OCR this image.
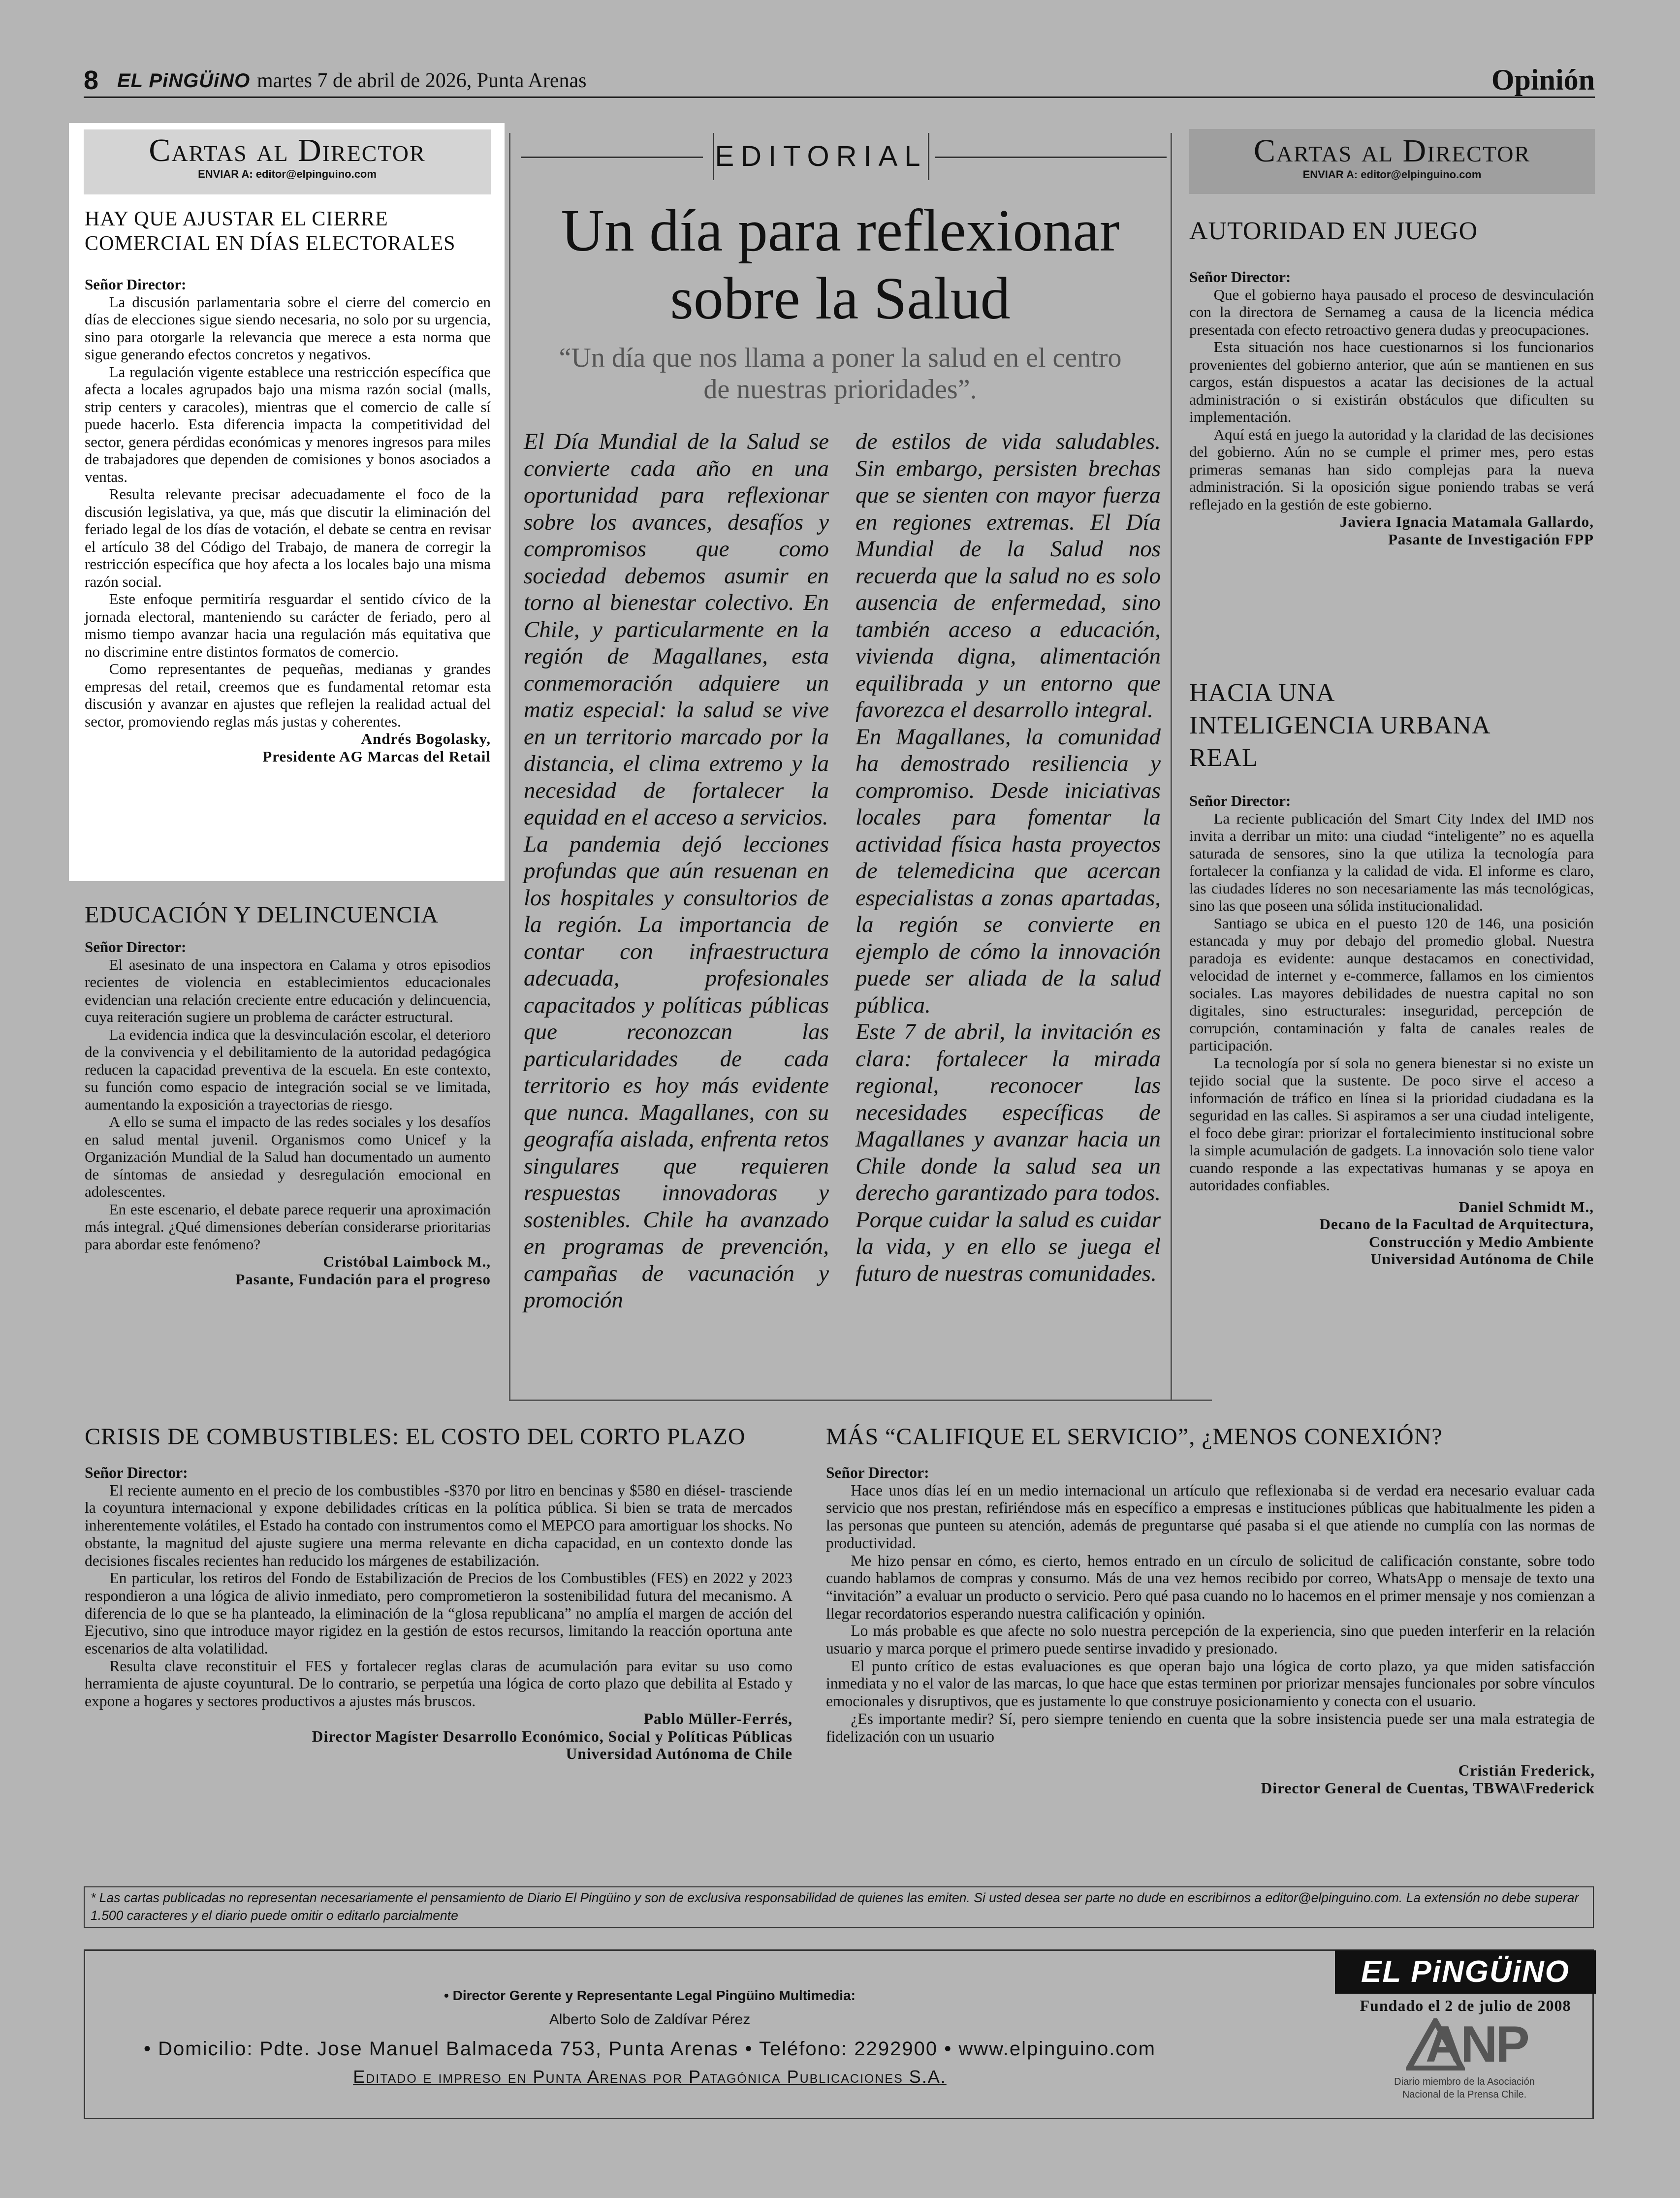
8 EL PiNGÜiNO martes 7 de abril de 2026, Punta Arenas	Opinión
Cartas al Director
ENVIAR A: editor@elpinguino.com
HAY QUE AJUSTAR EL CIERRE COMERCIAL EN DÍAS ELECTORALES

Señor Director:

La discusión parlamentaria sobre el cierre del comercio en días de elecciones sigue siendo necesaria, no solo por su urgencia, sino para otorgarle la relevancia que merece a esta norma que sigue generando efectos concretos y negativos.

La regulación vigente establece una restricción específica que afecta a locales agrupados bajo una misma razón social (malls, strip centers y caracoles), mientras que el comercio de calle sí puede hacerlo. Esta diferencia impacta la competitividad del sector, genera pérdidas económicas y menores ingresos para miles de trabajadores que dependen de comisiones y bonos asociados a ventas.

Resulta relevante precisar adecuadamente el foco de la discusión legislativa, ya que, más que discutir la eliminación del feriado legal de los días de votación, el debate se centra en revisar el artículo 38 del Código del Trabajo, de manera de corregir la restricción específica que hoy afecta a los locales bajo una misma razón social.

Este enfoque permitiría resguardar el sentido cívico de la jornada electoral, manteniendo su carácter de feriado, pero al mismo tiempo avanzar hacia una regulación más equitativa que no discrimine entre distintos formatos de comercio.

Como representantes de pequeñas, medianas y grandes empresas del retail, creemos que es fundamental retomar esta discusión y avanzar en ajustes que reflejen la realidad actual del sector, promoviendo reglas más justas y coherentes.

Andrés Bogolasky,

Presidente AG Marcas del Retail

EDUCACIÓN Y DELINCUENCIA

Señor Director:

El asesinato de una inspectora en Calama y otros episodios recientes de violencia en establecimientos educacionales evidencian una relación creciente entre educación y delincuencia, cuya reiteración sugiere un problema de carácter estructural.

La evidencia indica que la desvinculación escolar, el deterioro de la convivencia y el debilitamiento de la autoridad pedagógica reducen la capacidad preventiva de la escuela. En este contexto, su función como espacio de integración social se ve limitada, aumentando la exposición a trayectorias de riesgo.

A ello se suma el impacto de las redes sociales y los desafíos en salud mental juvenil. Organismos como Unicef y la Organización Mundial de la Salud han documentado un aumento de síntomas de ansiedad y desregulación emocional en adolescentes.

En este escenario, el debate parece requerir una aproximación más integral. ¿Qué dimensiones deberían considerarse prioritarias para abordar este fenómeno?

Cristóbal Laimbock M.,

Pasante, Fundación para el progreso

EDITORIAL
Un día para reflexionar sobre la Salud
“Un día que nos llama a poner la salud en el centro de nuestras prioridades”.

El Día Mundial de la Salud se convierte cada año en una oportunidad para reflexionar sobre los avances, desafíos y compromisos que como sociedad debemos asumir en torno al bienestar colectivo. En Chile, y particularmente en la región de Magallanes, esta conmemoración adquiere un matiz especial: la salud se vive en un territorio marcado por la distancia, el clima extremo y la necesidad de fortalecer la equidad en el acceso a servicios.

La pandemia dejó lecciones profundas que aún resuenan en los hospitales y consultorios de la región. La importancia de contar con infraestructura adecuada, profesionales capacitados y políticas públicas que reconozcan las particularidades de cada territorio es hoy más evidente que nunca. Magallanes, con su geografía aislada, enfrenta retos singulares que requieren respuestas innovadoras y sostenibles. Chile ha avanzado en programas de prevención, campañas de vacunación y promoción

de estilos de vida saludables. Sin embargo, persisten brechas que se sienten con mayor fuerza en regiones extremas. El Día Mundial de la Salud nos recuerda que la salud no es solo ausencia de enfermedad, sino también acceso a educación, vivienda digna, alimentación equilibrada y un entorno que favorezca el desarrollo integral.

En Magallanes, la comunidad ha demostrado resiliencia y compromiso. Desde iniciativas locales para fomentar la actividad física hasta proyectos de telemedicina que acercan especialistas a zonas apartadas, la región se convierte en ejemplo de cómo la innovación puede ser aliada de la salud pública.

Este 7 de abril, la invitación es clara: fortalecer la mirada regional, reconocer las necesidades específicas de Magallanes y avanzar hacia un Chile donde la salud sea un derecho garantizado para todos. Porque cuidar la salud es cuidar la vida, y en ello se juega el futuro de nuestras comunidades.

Cartas al Director
ENVIAR A: editor@elpinguino.com
AUTORIDAD EN JUEGO

Señor Director:

Que el gobierno haya pausado el proceso de desvinculación con la directora de Sernameg a causa de la licencia médica presentada con efecto retroactivo genera dudas y preocupaciones.

Esta situación nos hace cuestionarnos si los funcionarios provenientes del gobierno anterior, que aún se mantienen en sus cargos, están dispuestos a acatar las decisiones de la actual administración o si existirán obstáculos que dificulten su implementación.

Aquí está en juego la autoridad y la claridad de las decisiones del gobierno. Aún no se cumple el primer mes, pero estas primeras semanas han sido complejas para la nueva administración. Si la oposición sigue poniendo trabas se verá reflejado en la gestión de este gobierno.

Javiera Ignacia Matamala Gallardo,

Pasante de Investigación FPP

HACIA UNA INTELIGENCIA URBANA REAL

Señor Director:

La reciente publicación del Smart City Index del IMD nos invita a derribar un mito: una ciudad “inteligente” no es aquella saturada de sensores, sino la que utiliza la tecnología para fortalecer la confianza y la calidad de vida. El informe es claro, las ciudades líderes no son necesariamente las más tecnológicas, sino las que poseen una sólida institucionalidad.

Santiago se ubica en el puesto 120 de 146, una posición estancada y muy por debajo del promedio global. Nuestra paradoja es evidente: aunque destacamos en conectividad, velocidad de internet y e-commerce, fallamos en los cimientos sociales. Las mayores debilidades de nuestra capital no son digitales, sino estructurales: inseguridad, percepción de corrupción, contaminación y falta de canales reales de participación.

La tecnología por sí sola no genera bienestar si no existe un tejido social que la sustente. De poco sirve el acceso a información de tráfico en línea si la prioridad ciudadana es la seguridad en las calles. Si aspiramos a ser una ciudad inteligente, el foco debe girar: priorizar el fortalecimiento institucional sobre la simple acumulación de gadgets. La innovación solo tiene valor cuando responde a las expectativas humanas y se apoya en autoridades confiables.

Daniel Schmidt M.,

Decano de la Facultad de Arquitectura,

Construcción y Medio Ambiente

Universidad Autónoma de Chile

CRISIS DE COMBUSTIBLES: EL COSTO DEL CORTO PLAZO

Señor Director:

El reciente aumento en el precio de los combustibles -$370 por litro en bencinas y $580 en diésel- trasciende la coyuntura internacional y expone debilidades críticas en la política pública. Si bien se trata de mercados inherentemente volátiles, el Estado ha contado con instrumentos como el MEPCO para amortiguar los shocks. No obstante, la magnitud del ajuste sugiere una merma relevante en dicha capacidad, en un contexto donde las decisiones fiscales recientes han reducido los márgenes de estabilización.

En particular, los retiros del Fondo de Estabilización de Precios de los Combustibles (FES) en 2022 y 2023 respondieron a una lógica de alivio inmediato, pero comprometieron la sostenibilidad futura del mecanismo. A diferencia de lo que se ha planteado, la eliminación de la “glosa republicana” no amplía el margen de acción del Ejecutivo, sino que introduce mayor rigidez en la gestión de estos recursos, limitando la reacción oportuna ante escenarios de alta volatilidad.

Resulta clave reconstituir el FES y fortalecer reglas claras de acumulación para evitar su uso como herramienta de ajuste coyuntural. De lo contrario, se perpetúa una lógica de corto plazo que debilita al Estado y expone a hogares y sectores productivos a ajustes más bruscos.

Pablo Müller-Ferrés,

Director Magíster Desarrollo Económico, Social y Políticas Públicas

Universidad Autónoma de Chile

MÁS “CALIFIQUE EL SERVICIO”, ¿MENOS CONEXIÓN?

Señor Director:

Hace unos días leí en un medio internacional un artículo que reflexionaba si de verdad era necesario evaluar cada servicio que nos prestan, refiriéndose más en específico a empresas e instituciones públicas que habitualmente les piden a las personas que punteen su atención, además de preguntarse qué pasaba si el que atiende no cumplía con las normas de productividad.

Me hizo pensar en cómo, es cierto, hemos entrado en un círculo de solicitud de calificación constante, sobre todo cuando hablamos de compras y consumo. Más de una vez hemos recibido por correo, WhatsApp o mensaje de texto una “invitación” a evaluar un producto o servicio. Pero qué pasa cuando no lo hacemos en el primer mensaje y nos comienzan a llegar recordatorios esperando nuestra calificación y opinión.

Lo más probable es que afecte no solo nuestra percepción de la experiencia, sino que pueden interferir en la relación usuario y marca porque el primero puede sentirse invadido y presionado.

El punto crítico de estas evaluaciones es que operan bajo una lógica de corto plazo, ya que miden satisfacción inmediata y no el valor de las marcas, lo que hace que estas terminen por priorizar mensajes funcionales por sobre vínculos emocionales y disruptivos, que es justamente lo que construye posicionamiento y conecta con el usuario.

¿Es importante medir? Sí, pero siempre teniendo en cuenta que la sobre insistencia puede ser una mala estrategia de fidelización con un usuario

Cristián Frederick,

Director General de Cuentas, TBWA\Frederick

* Las cartas publicadas no representan necesariamente el pensamiento de Diario El Pingüino y son de exclusiva responsabilidad de quienes las emiten. Si usted desea ser parte no dude en escribirnos a editor@elpinguino.com. La extensión no debe superar 1.500 caracteres y el diario puede omitir o editarlo parcialmente

• Director Gerente y Representante Legal Pingüino Multimedia:
Alberto Solo de Zaldívar Pérez
• Domicilio: Pdte. Jose Manuel Balmaceda 753, Punta Arenas • Teléfono: 2292900 • www.elpinguino.com
Editado e impreso en Punta Arenas por Patagónica Publicaciones S.A.
EL PiNGÜiNO
Fundado el 2 de julio de 2008
ANP
Diario miembro de la Asociación
Nacional de la Prensa Chile.
